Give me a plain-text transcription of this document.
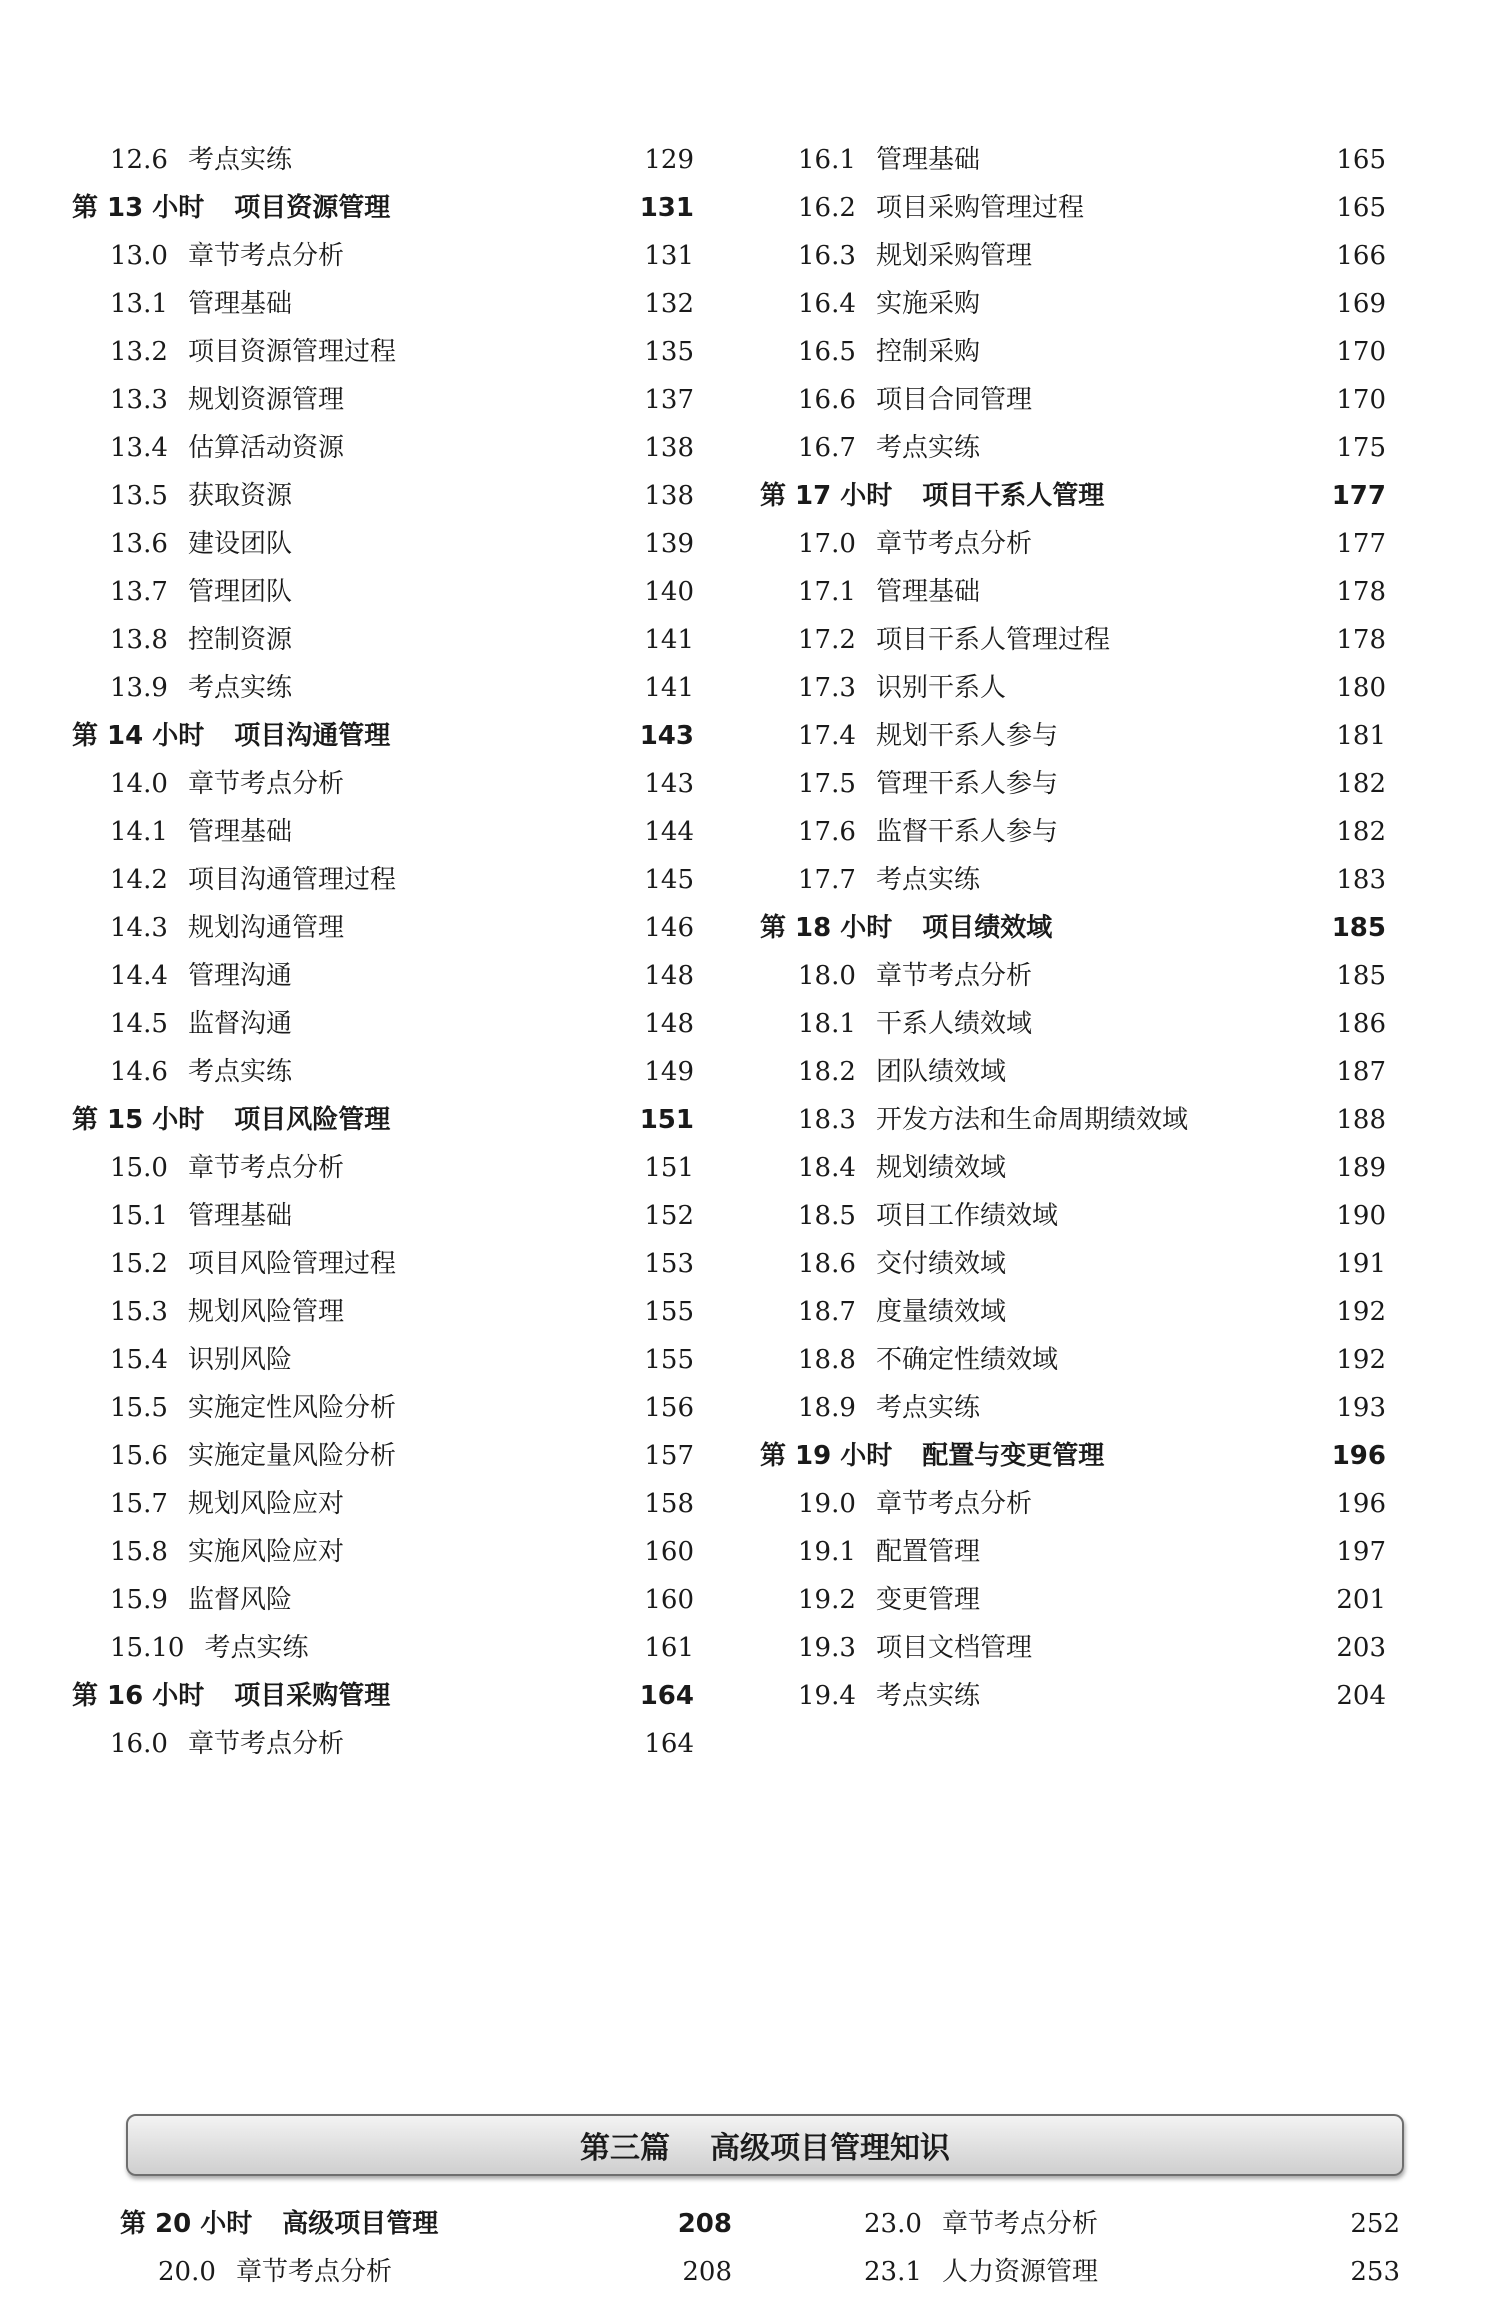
12.6 考点实练	129
第 13 小时 项目资源管理	131
13.0 章节考点分析	131
13.1 管理基础	132
13.2 项目资源管理过程	135
13.3 规划资源管理	137
13.4 估算活动资源	138
13.5 获取资源	138
13.6 建设团队	139
13.7 管理团队	140
13.8 控制资源	141
13.9 考点实练	141
第 14 小时 项目沟通管理	143
14.0 章节考点分析	143
14.1 管理基础	144
14.2 项目沟通管理过程	145
14.3 规划沟通管理	146
14.4 管理沟通	148
14.5 监督沟通	148
14.6 考点实练	149
第 15 小时 项目风险管理	151
15.0 章节考点分析	151
15.1 管理基础	152
15.2 项目风险管理过程	153
15.3 规划风险管理	155
15.4 识别风险	155
15.5 实施定性风险分析	156
15.6 实施定量风险分析	157
15.7 规划风险应对	158
15.8 实施风险应对	160
15.9 监督风险	160
15.10 考点实练	161
第 16 小时 项目采购管理	164
16.0 章节考点分析	164
16.1 管理基础	165
16.2 项目采购管理过程	165
16.3 规划采购管理	166
16.4 实施采购	169
16.5 控制采购	170
16.6 项目合同管理	170
16.7 考点实练	175
第 17 小时 项目干系人管理	177
17.0 章节考点分析	177
17.1 管理基础	178
17.2 项目干系人管理过程	178
17.3 识别干系人	180
17.4 规划干系人参与	181
17.5 管理干系人参与	182
17.6 监督干系人参与	182
17.7 考点实练	183
第 18 小时 项目绩效域	185
18.0 章节考点分析	185
18.1 干系人绩效域	186
18.2 团队绩效域	187
18.3 开发方法和生命周期绩效域	188
18.4 规划绩效域	189
18.5 项目工作绩效域	190
18.6 交付绩效域	191
18.7 度量绩效域	192
18.8 不确定性绩效域	192
18.9 考点实练	193
第 19 小时 配置与变更管理	196
19.0 章节考点分析	196
19.1 配置管理	197
19.2 变更管理	201
19.3 项目文档管理	203
19.4 考点实练	204
第三篇 高级项目管理知识
第 20 小时 高级项目管理	208
20.0 章节考点分析	208
23.0 章节考点分析	252
23.1 人力资源管理	253
